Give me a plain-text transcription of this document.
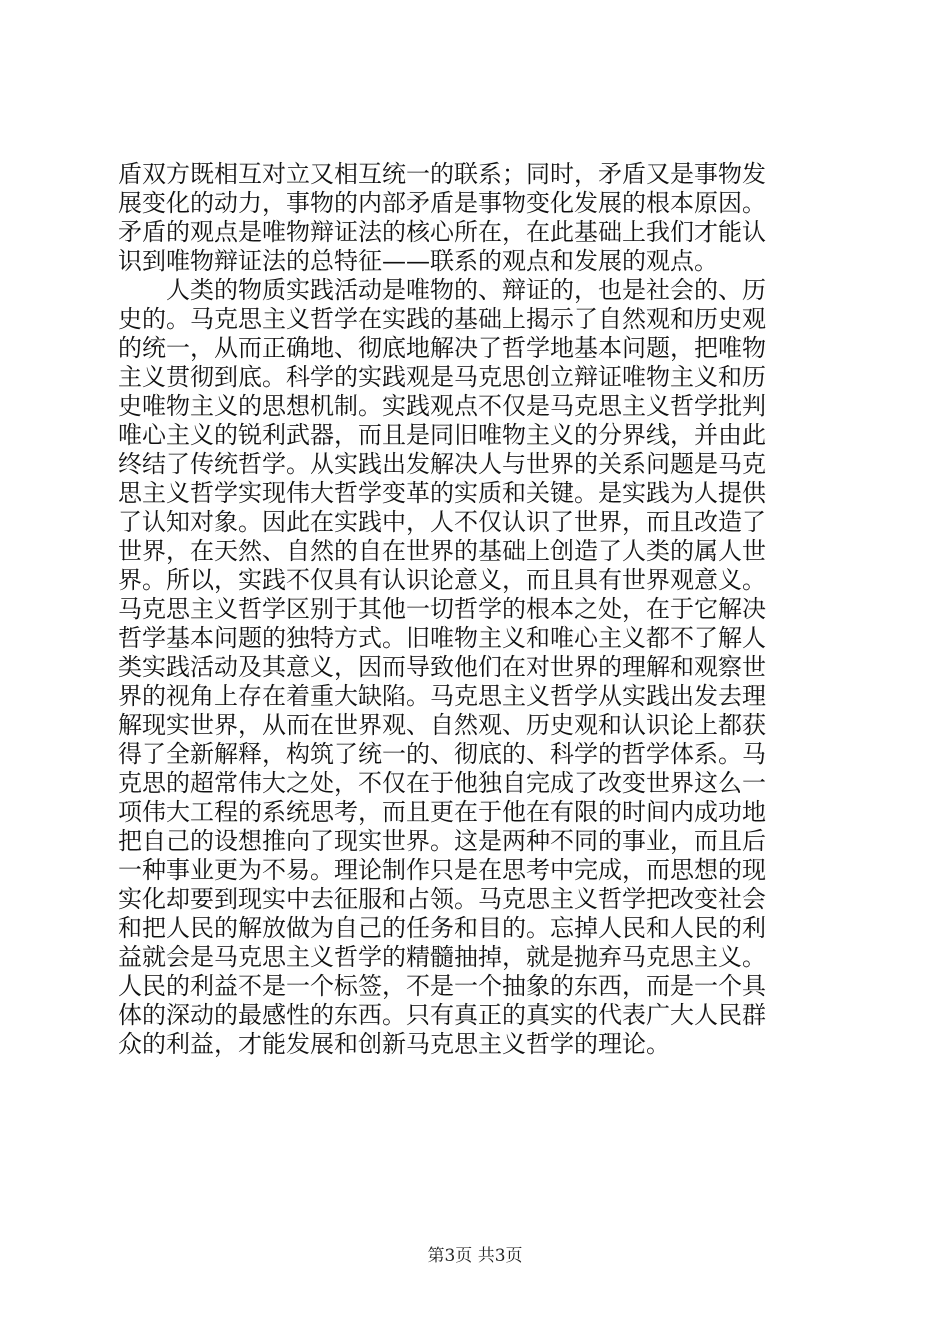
盾双方既相互对立又相互统一的联系；同时，矛盾又是事物发
展变化的动力，事物的内部矛盾是事物变化发展的根本原因。
矛盾的观点是唯物辩证法的核心所在，在此基础上我们才能认
识到唯物辩证法的总特征——联系的观点和发展的观点。
　　人类的物质实践活动是唯物的、辩证的，也是社会的、历
史的。马克思主义哲学在实践的基础上揭示了自然观和历史观
的统一，从而正确地、彻底地解决了哲学地基本问题，把唯物
主义贯彻到底。科学的实践观是马克思创立辩证唯物主义和历
史唯物主义的思想机制。实践观点不仅是马克思主义哲学批判
唯心主义的锐利武器，而且是同旧唯物主义的分界线，并由此
终结了传统哲学。从实践出发解决人与世界的关系问题是马克
思主义哲学实现伟大哲学变革的实质和关键。是实践为人提供
了认知对象。因此在实践中，人不仅认识了世界，而且改造了
世界，在天然、自然的自在世界的基础上创造了人类的属人世
界。所以，实践不仅具有认识论意义，而且具有世界观意义。
马克思主义哲学区别于其他一切哲学的根本之处，在于它解决
哲学基本问题的独特方式。旧唯物主义和唯心主义都不了解人
类实践活动及其意义，因而导致他们在对世界的理解和观察世
界的视角上存在着重大缺陷。马克思主义哲学从实践出发去理
解现实世界，从而在世界观、自然观、历史观和认识论上都获
得了全新解释，构筑了统一的、彻底的、科学的哲学体系。马
克思的超常伟大之处，不仅在于他独自完成了改变世界这么一
项伟大工程的系统思考，而且更在于他在有限的时间内成功地
把自己的设想推向了现实世界。这是两种不同的事业，而且后
一种事业更为不易。理论制作只是在思考中完成，而思想的现
实化却要到现实中去征服和占领。马克思主义哲学把改变社会
和把人民的解放做为自己的任务和目的。忘掉人民和人民的利
益就会是马克思主义哲学的精髓抽掉，就是抛弃马克思主义。
人民的利益不是一个标签，不是一个抽象的东西，而是一个具
体的深动的最感性的东西。只有真正的真实的代表广大人民群
众的利益，才能发展和创新马克思主义哲学的理论。
第3页 共3页
